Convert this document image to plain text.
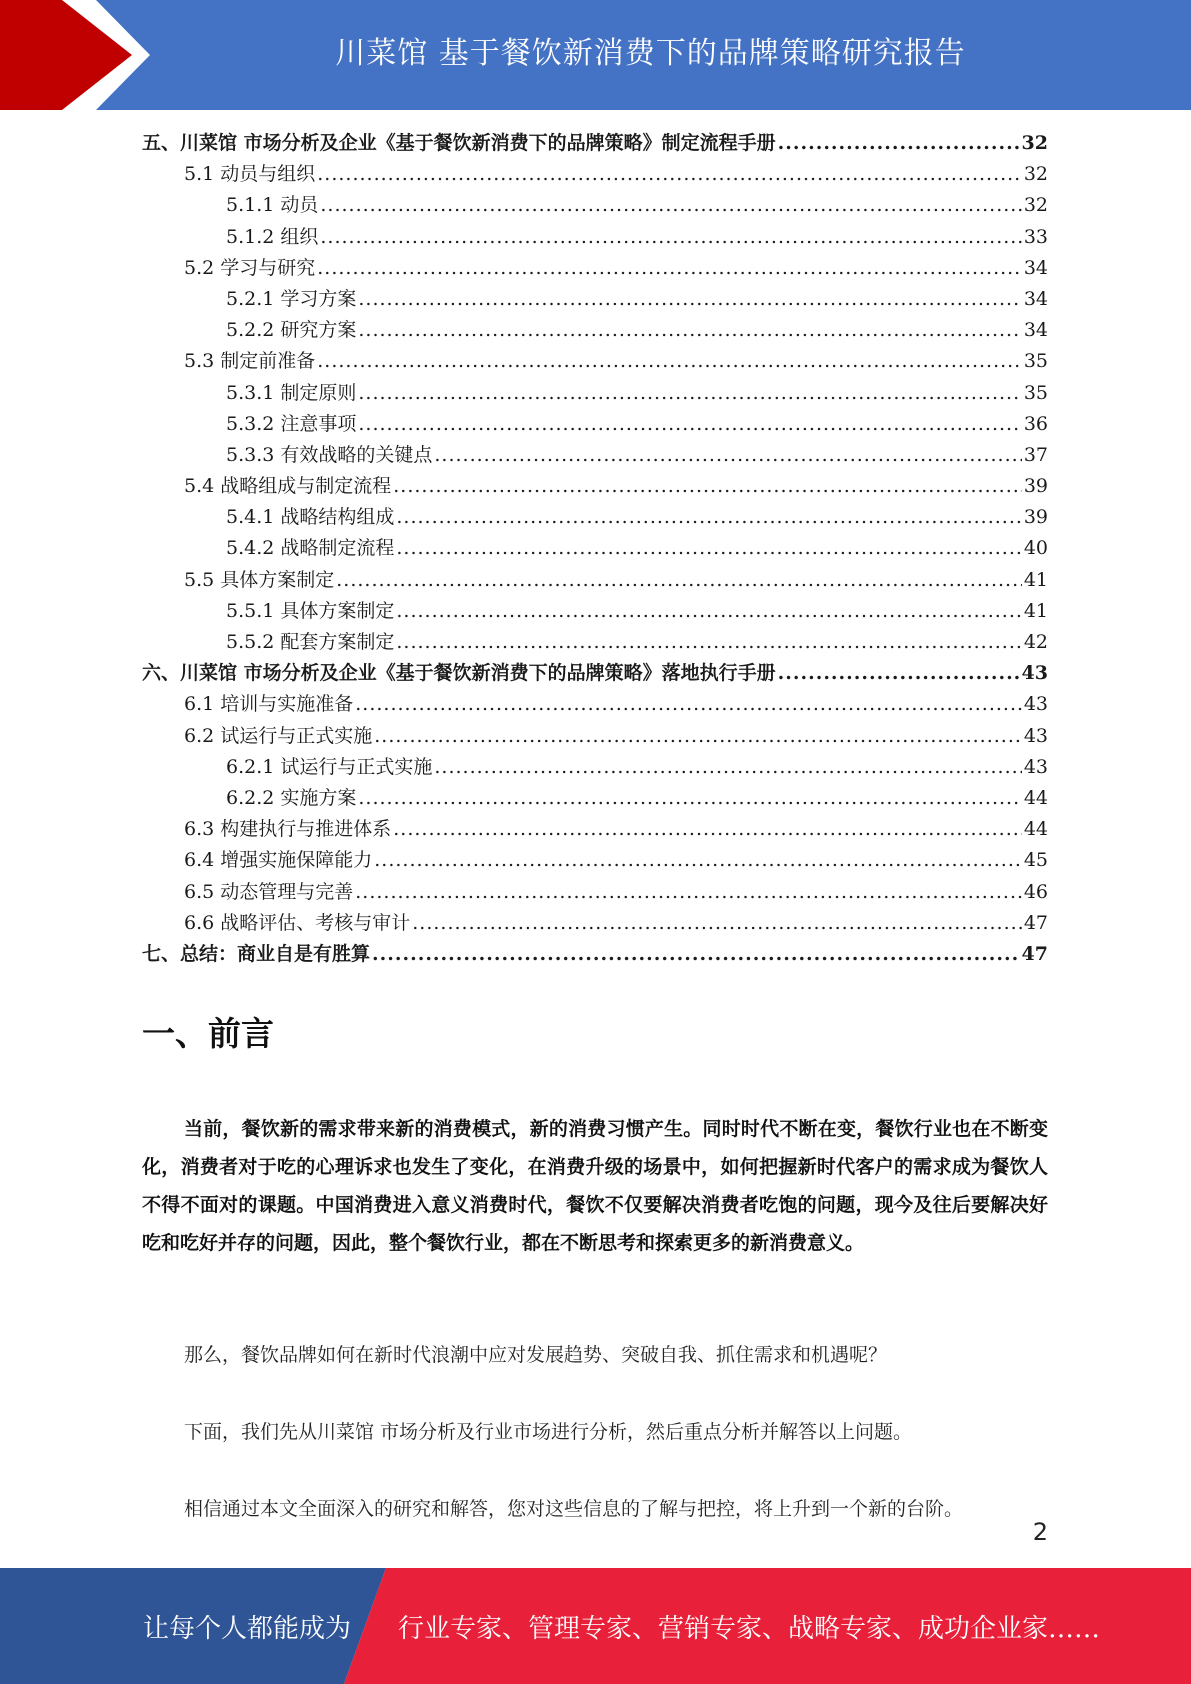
川菜馆 基于餐饮新消费下的品牌策略研究报告
五、川菜馆 市场分析及企业《基于餐饮新消费下的品牌策略》制定流程手册 .....	32
5.1 动员与组织 .....	32
5.1.1 动员 .....	32
5.1.2 组织 .....	33
5.2 学习与研究 .....	34
5.2.1 学习方案 .....	34
5.2.2 研究方案 .....	34
5.3 制定前准备 .....	35
5.3.1 制定原则 .....	35
5.3.2 注意事项 .....	36
5.3.3 有效战略的关键点 .....	37
5.4 战略组成与制定流程 .....	39
5.4.1 战略结构组成 .....	39
5.4.2 战略制定流程 .....	40
5.5 具体方案制定 .....	41
5.5.1 具体方案制定 .....	41
5.5.2 配套方案制定 .....	42
六、川菜馆 市场分析及企业《基于餐饮新消费下的品牌策略》落地执行手册 .....	43
6.1 培训与实施准备 .....	43
6.2 试运行与正式实施 .....	43
6.2.1 试运行与正式实施 .....	43
6.2.2 实施方案 .....	44
6.3 构建执行与推进体系 .....	44
6.4 增强实施保障能力 .....	45
6.5 动态管理与完善 .....	46
6.6 战略评估、考核与审计 .....	47
七、总结：商业自是有胜算 .....	47
一、前言

当前，餐饮新的需求带来新的消费模式，新的消费习惯产生。同时时代不断在变，餐饮行业也在不断变化，消费者对于吃的心理诉求也发生了变化，在消费升级的场景中，如何把握新时代客户的需求成为餐饮人不得不面对的课题。中国消费进入意义消费时代，餐饮不仅要解决消费者吃饱的问题，现今及往后要解决好吃和吃好并存的问题，因此，整个餐饮行业，都在不断思考和探索更多的新消费意义。

那么，餐饮品牌如何在新时代浪潮中应对发展趋势、突破自我、抓住需求和机遇呢？

下面，我们先从川菜馆 市场分析及行业市场进行分析，然后重点分析并解答以上问题。

相信通过本文全面深入的研究和解答，您对这些信息的了解与把控，将上升到一个新的台阶。

2
让每个人都能成为 行业专家、管理专家、营销专家、战略专家、成功企业家……
